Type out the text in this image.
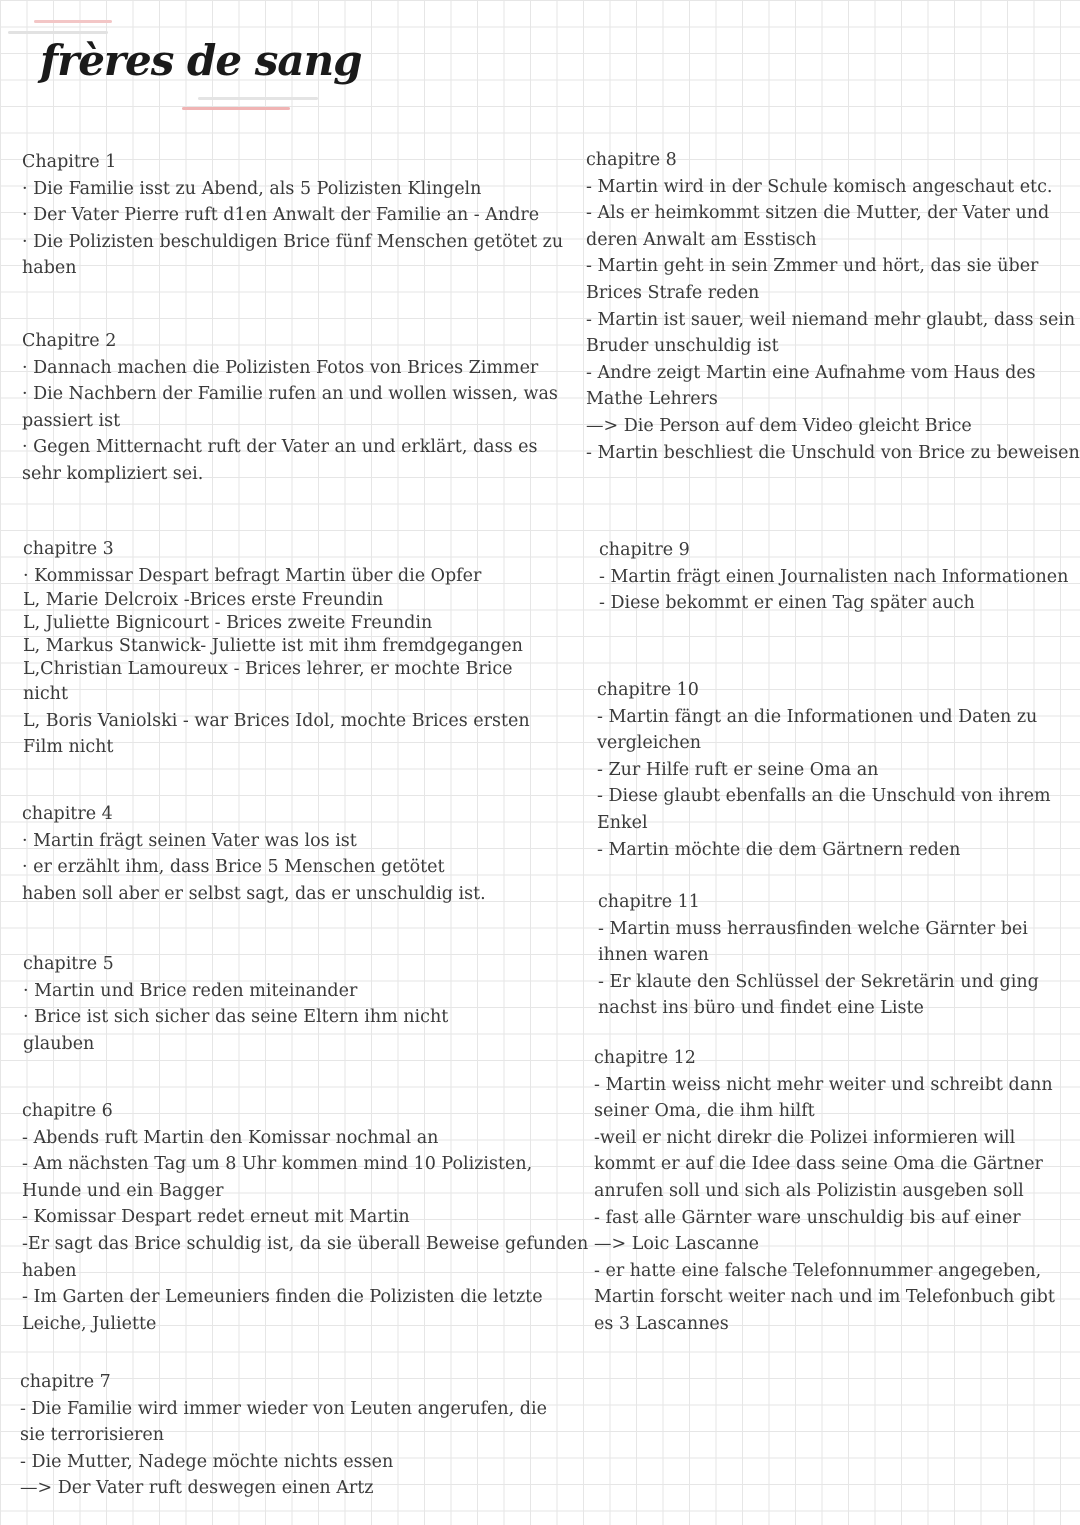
frères de sang
Chapitre 1
· Die Familie isst zu Abend, als 5 Polizisten Klingeln
· Der Vater Pierre ruft d1en Anwalt der Familie an - Andre
· Die Polizisten beschuldigen Brice fünf Menschen getötet zu
haben
Chapitre 2
· Dannach machen die Polizisten Fotos von Brices Zimmer
· Die Nachbern der Familie rufen an und wollen wissen, was
passiert ist
· Gegen Mitternacht ruft der Vater an und erklärt, dass es
sehr kompliziert sei.
chapitre 3
· Kommissar Despart befragt Martin über die Opfer
L, Marie Delcroix -Brices erste Freundin
L, Juliette Bignicourt - Brices zweite Freundin
L, Markus Stanwick- Juliette ist mit ihm fremdgegangen
L,Christian Lamoureux - Brices lehrer, er mochte Brice
nicht
L, Boris Vaniolski - war Brices Idol, mochte Brices ersten
Film nicht
chapitre 4
· Martin frägt seinen Vater was los ist
· er erzählt ihm, dass Brice 5 Menschen getötet
haben soll aber er selbst sagt, das er unschuldig ist.
chapitre 5
· Martin und Brice reden miteinander
· Brice ist sich sicher das seine Eltern ihm nicht
glauben
chapitre 6
- Abends ruft Martin den Komissar nochmal an
- Am nächsten Tag um 8 Uhr kommen mind 10 Polizisten,
Hunde und ein Bagger
- Komissar Despart redet erneut mit Martin
-Er sagt das Brice schuldig ist, da sie überall Beweise gefunden
haben
- Im Garten der Lemeuniers finden die Polizisten die letzte
Leiche, Juliette
chapitre 7
- Die Familie wird immer wieder von Leuten angerufen, die
sie terrorisieren
- Die Mutter, Nadege möchte nichts essen
—> Der Vater ruft deswegen einen Artz
chapitre 8
- Martin wird in der Schule komisch angeschaut etc.
- Als er heimkommt sitzen die Mutter, der Vater und
deren Anwalt am Esstisch
- Martin geht in sein Zmmer und hört, das sie über
Brices Strafe reden
- Martin ist sauer, weil niemand mehr glaubt, dass sein
Bruder unschuldig ist
- Andre zeigt Martin eine Aufnahme vom Haus des
Mathe Lehrers
—> Die Person auf dem Video gleicht Brice
- Martin beschliest die Unschuld von Brice zu beweisen
chapitre 9
- Martin frägt einen Journalisten nach Informationen
- Diese bekommt er einen Tag später auch
chapitre 10
- Martin fängt an die Informationen und Daten zu
vergleichen
- Zur Hilfe ruft er seine Oma an
- Diese glaubt ebenfalls an die Unschuld von ihrem
Enkel
- Martin möchte die dem Gärtnern reden
chapitre 11
- Martin muss herrausfinden welche Gärnter bei
ihnen waren
- Er klaute den Schlüssel der Sekretärin und ging
nachst ins büro und findet eine Liste
chapitre 12
- Martin weiss nicht mehr weiter und schreibt dann
seiner Oma, die ihm hilft
-weil er nicht direkr die Polizei informieren will
kommt er auf die Idee dass seine Oma die Gärtner
anrufen soll und sich als Polizistin ausgeben soll
- fast alle Gärnter ware unschuldig bis auf einer
—> Loic Lascanne
- er hatte eine falsche Telefonnummer angegeben,
Martin forscht weiter nach und im Telefonbuch gibt
es 3 Lascannes
